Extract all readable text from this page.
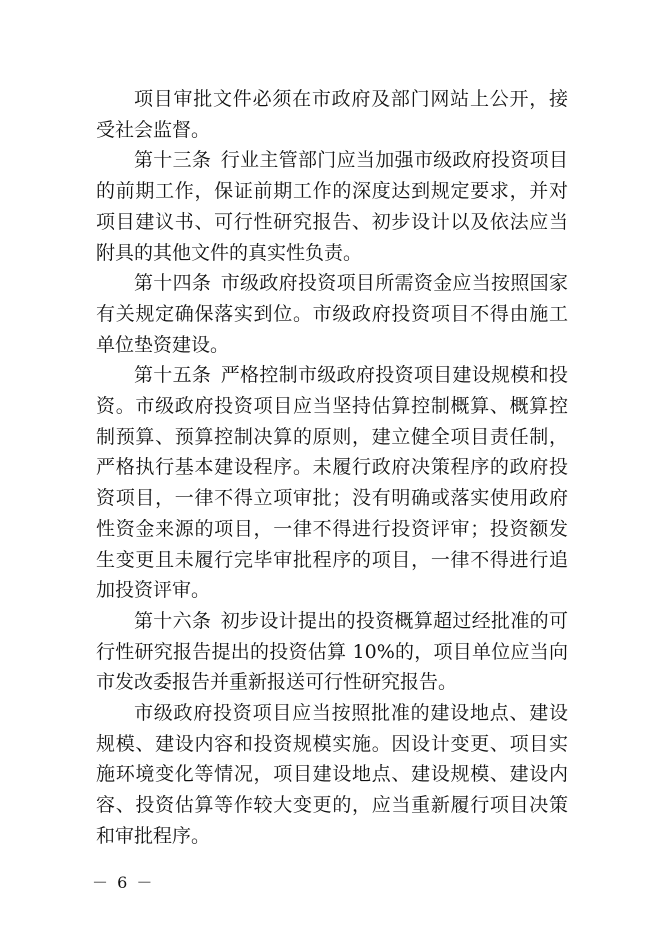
项目审批文件必须在市政府及部门网站上公开，接受社会监督。

第十三条 行业主管部门应当加强市级政府投资项目的前期工作，保证前期工作的深度达到规定要求，并对项目建议书、可行性研究报告、初步设计以及依法应当附具的其他文件的真实性负责。

第十四条 市级政府投资项目所需资金应当按照国家有关规定确保落实到位。市级政府投资项目不得由施工单位垫资建设。

第十五条 严格控制市级政府投资项目建设规模和投资。市级政府投资项目应当坚持估算控制概算、概算控制预算、预算控制决算的原则，建立健全项目责任制，严格执行基本建设程序。未履行政府决策程序的政府投资项目，一律不得立项审批；没有明确或落实使用政府性资金来源的项目，一律不得进行投资评审；投资额发生变更且未履行完毕审批程序的项目，一律不得进行追加投资评审。

第十六条 初步设计提出的投资概算超过经批准的可行性研究报告提出的投资估算 10%的，项目单位应当向市发改委报告并重新报送可行性研究报告。

市级政府投资项目应当按照批准的建设地点、建设规模、建设内容和投资规模实施。因设计变更、项目实施环境变化等情况，项目建设地点、建设规模、建设内容、投资估算等作较大变更的，应当重新履行项目决策和审批程序。

－ 6 －
